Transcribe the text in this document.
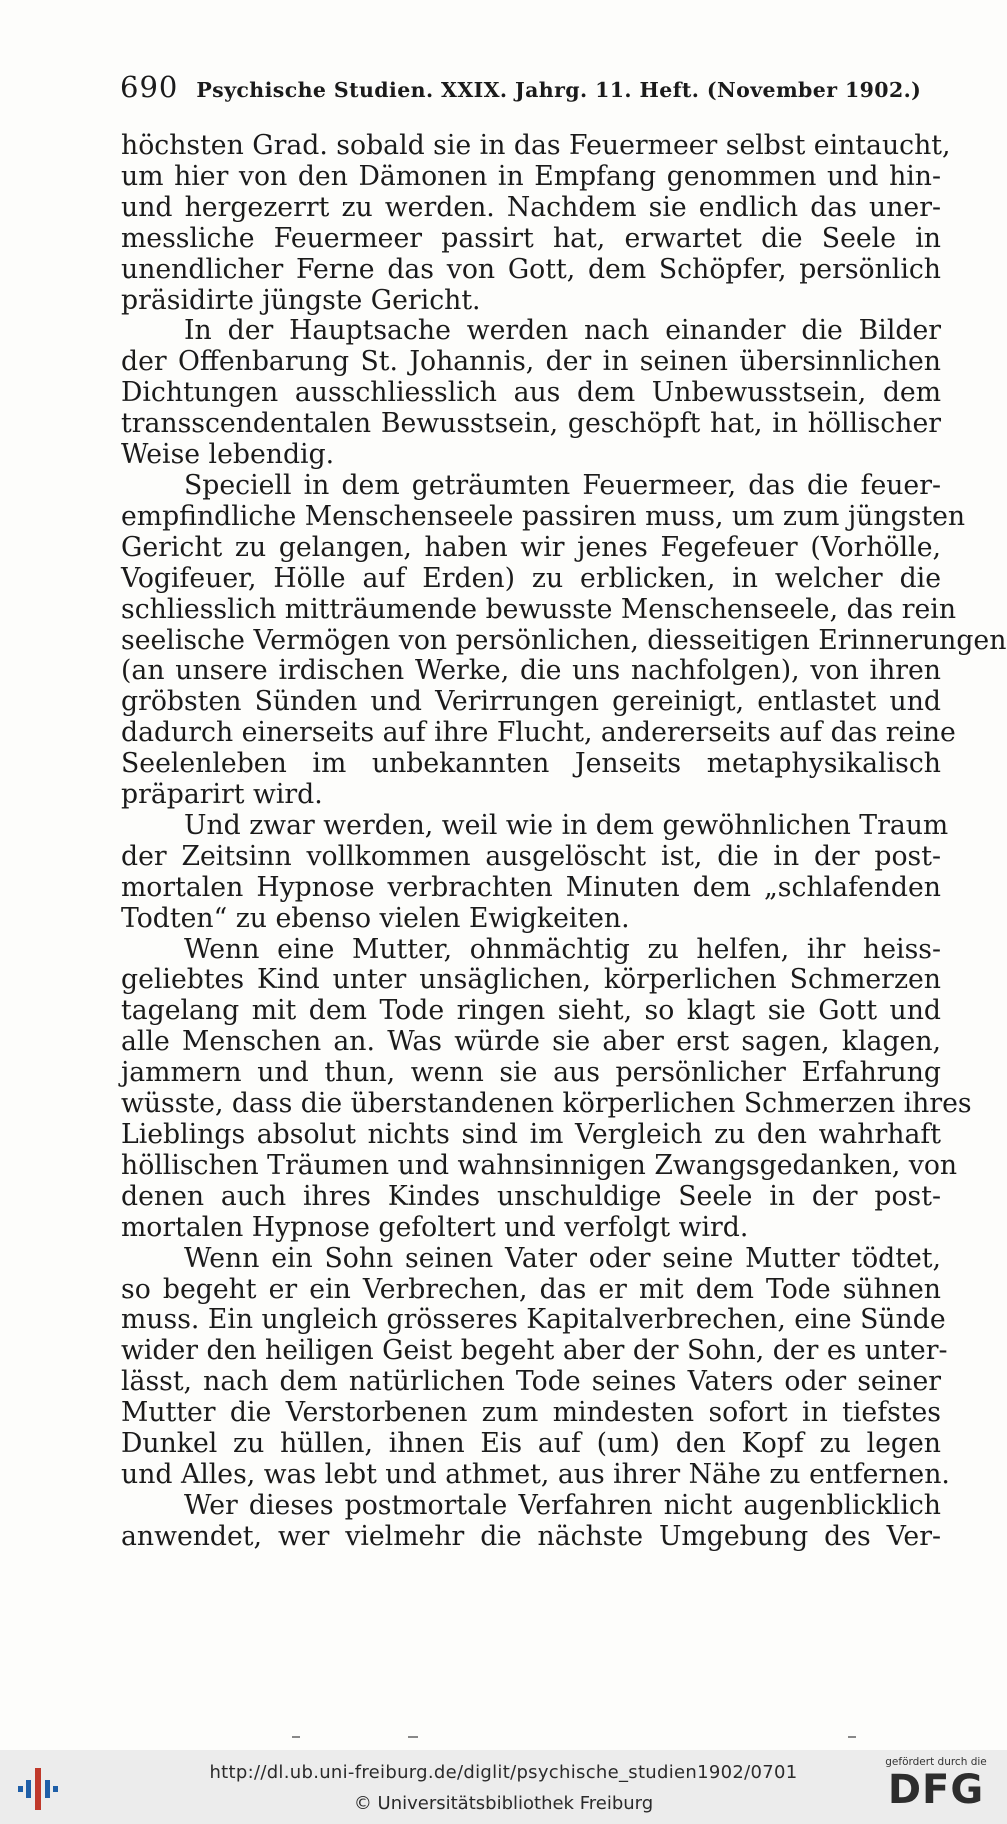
690 Psychische Studien. XXIX. Jahrg. 11. Heft. (November 1902.)

höchsten Grad. sobald sie in das Feuermeer selbst eintaucht,
um hier von den Dämonen in Empfang genommen und hin-
und hergezerrt zu werden. Nachdem sie endlich das uner-
messliche Feuermeer passirt hat, erwartet die Seele in
unendlicher Ferne das von Gott, dem Schöpfer, persönlich
präsidirte jüngste Gericht.

In der Hauptsache werden nach einander die Bilder
der Offenbarung St. Johannis, der in seinen übersinnlichen
Dichtungen ausschliesslich aus dem Unbewusstsein, dem
transscendentalen Bewusstsein, geschöpft hat, in höllischer
Weise lebendig.

Speciell in dem geträumten Feuermeer, das die feuer-
empfindliche Menschenseele passiren muss, um zum jüngsten
Gericht zu gelangen, haben wir jenes Fegefeuer (Vorhölle,
Vogifeuer, Hölle auf Erden) zu erblicken, in welcher die
schliesslich mitträumende bewusste Menschenseele, das rein
seelische Vermögen von persönlichen, diesseitigen Erinnerungen
(an unsere irdischen Werke, die uns nachfolgen), von ihren
gröbsten Sünden und Verirrungen gereinigt, entlastet und
dadurch einerseits auf ihre Flucht, andererseits auf das reine
Seelenleben im unbekannten Jenseits metaphysikalisch
präparirt wird.

Und zwar werden, weil wie in dem gewöhnlichen Traum
der Zeitsinn vollkommen ausgelöscht ist, die in der post-
mortalen Hypnose verbrachten Minuten dem „schlafenden
Todten“ zu ebenso vielen Ewigkeiten.

Wenn eine Mutter, ohnmächtig zu helfen, ihr heiss-
geliebtes Kind unter unsäglichen, körperlichen Schmerzen
tagelang mit dem Tode ringen sieht, so klagt sie Gott und
alle Menschen an. Was würde sie aber erst sagen, klagen,
jammern und thun, wenn sie aus persönlicher Erfahrung
wüsste, dass die überstandenen körperlichen Schmerzen ihres
Lieblings absolut nichts sind im Vergleich zu den wahrhaft
höllischen Träumen und wahnsinnigen Zwangsgedanken, von
denen auch ihres Kindes unschuldige Seele in der post-
mortalen Hypnose gefoltert und verfolgt wird.

Wenn ein Sohn seinen Vater oder seine Mutter tödtet,
so begeht er ein Verbrechen, das er mit dem Tode sühnen
muss. Ein ungleich grösseres Kapitalverbrechen, eine Sünde
wider den heiligen Geist begeht aber der Sohn, der es unter-
lässt, nach dem natürlichen Tode seines Vaters oder seiner
Mutter die Verstorbenen zum mindesten sofort in tiefstes
Dunkel zu hüllen, ihnen Eis auf (um) den Kopf zu legen
und Alles, was lebt und athmet, aus ihrer Nähe zu entfernen.

Wer dieses postmortale Verfahren nicht augenblicklich
anwendet, wer vielmehr die nächste Umgebung des Ver-

http://dl.ub.uni-freiburg.de/diglit/psychische_studien1902/0701
© Universitätsbibliothek Freiburg
gefördert durch die
DFG
